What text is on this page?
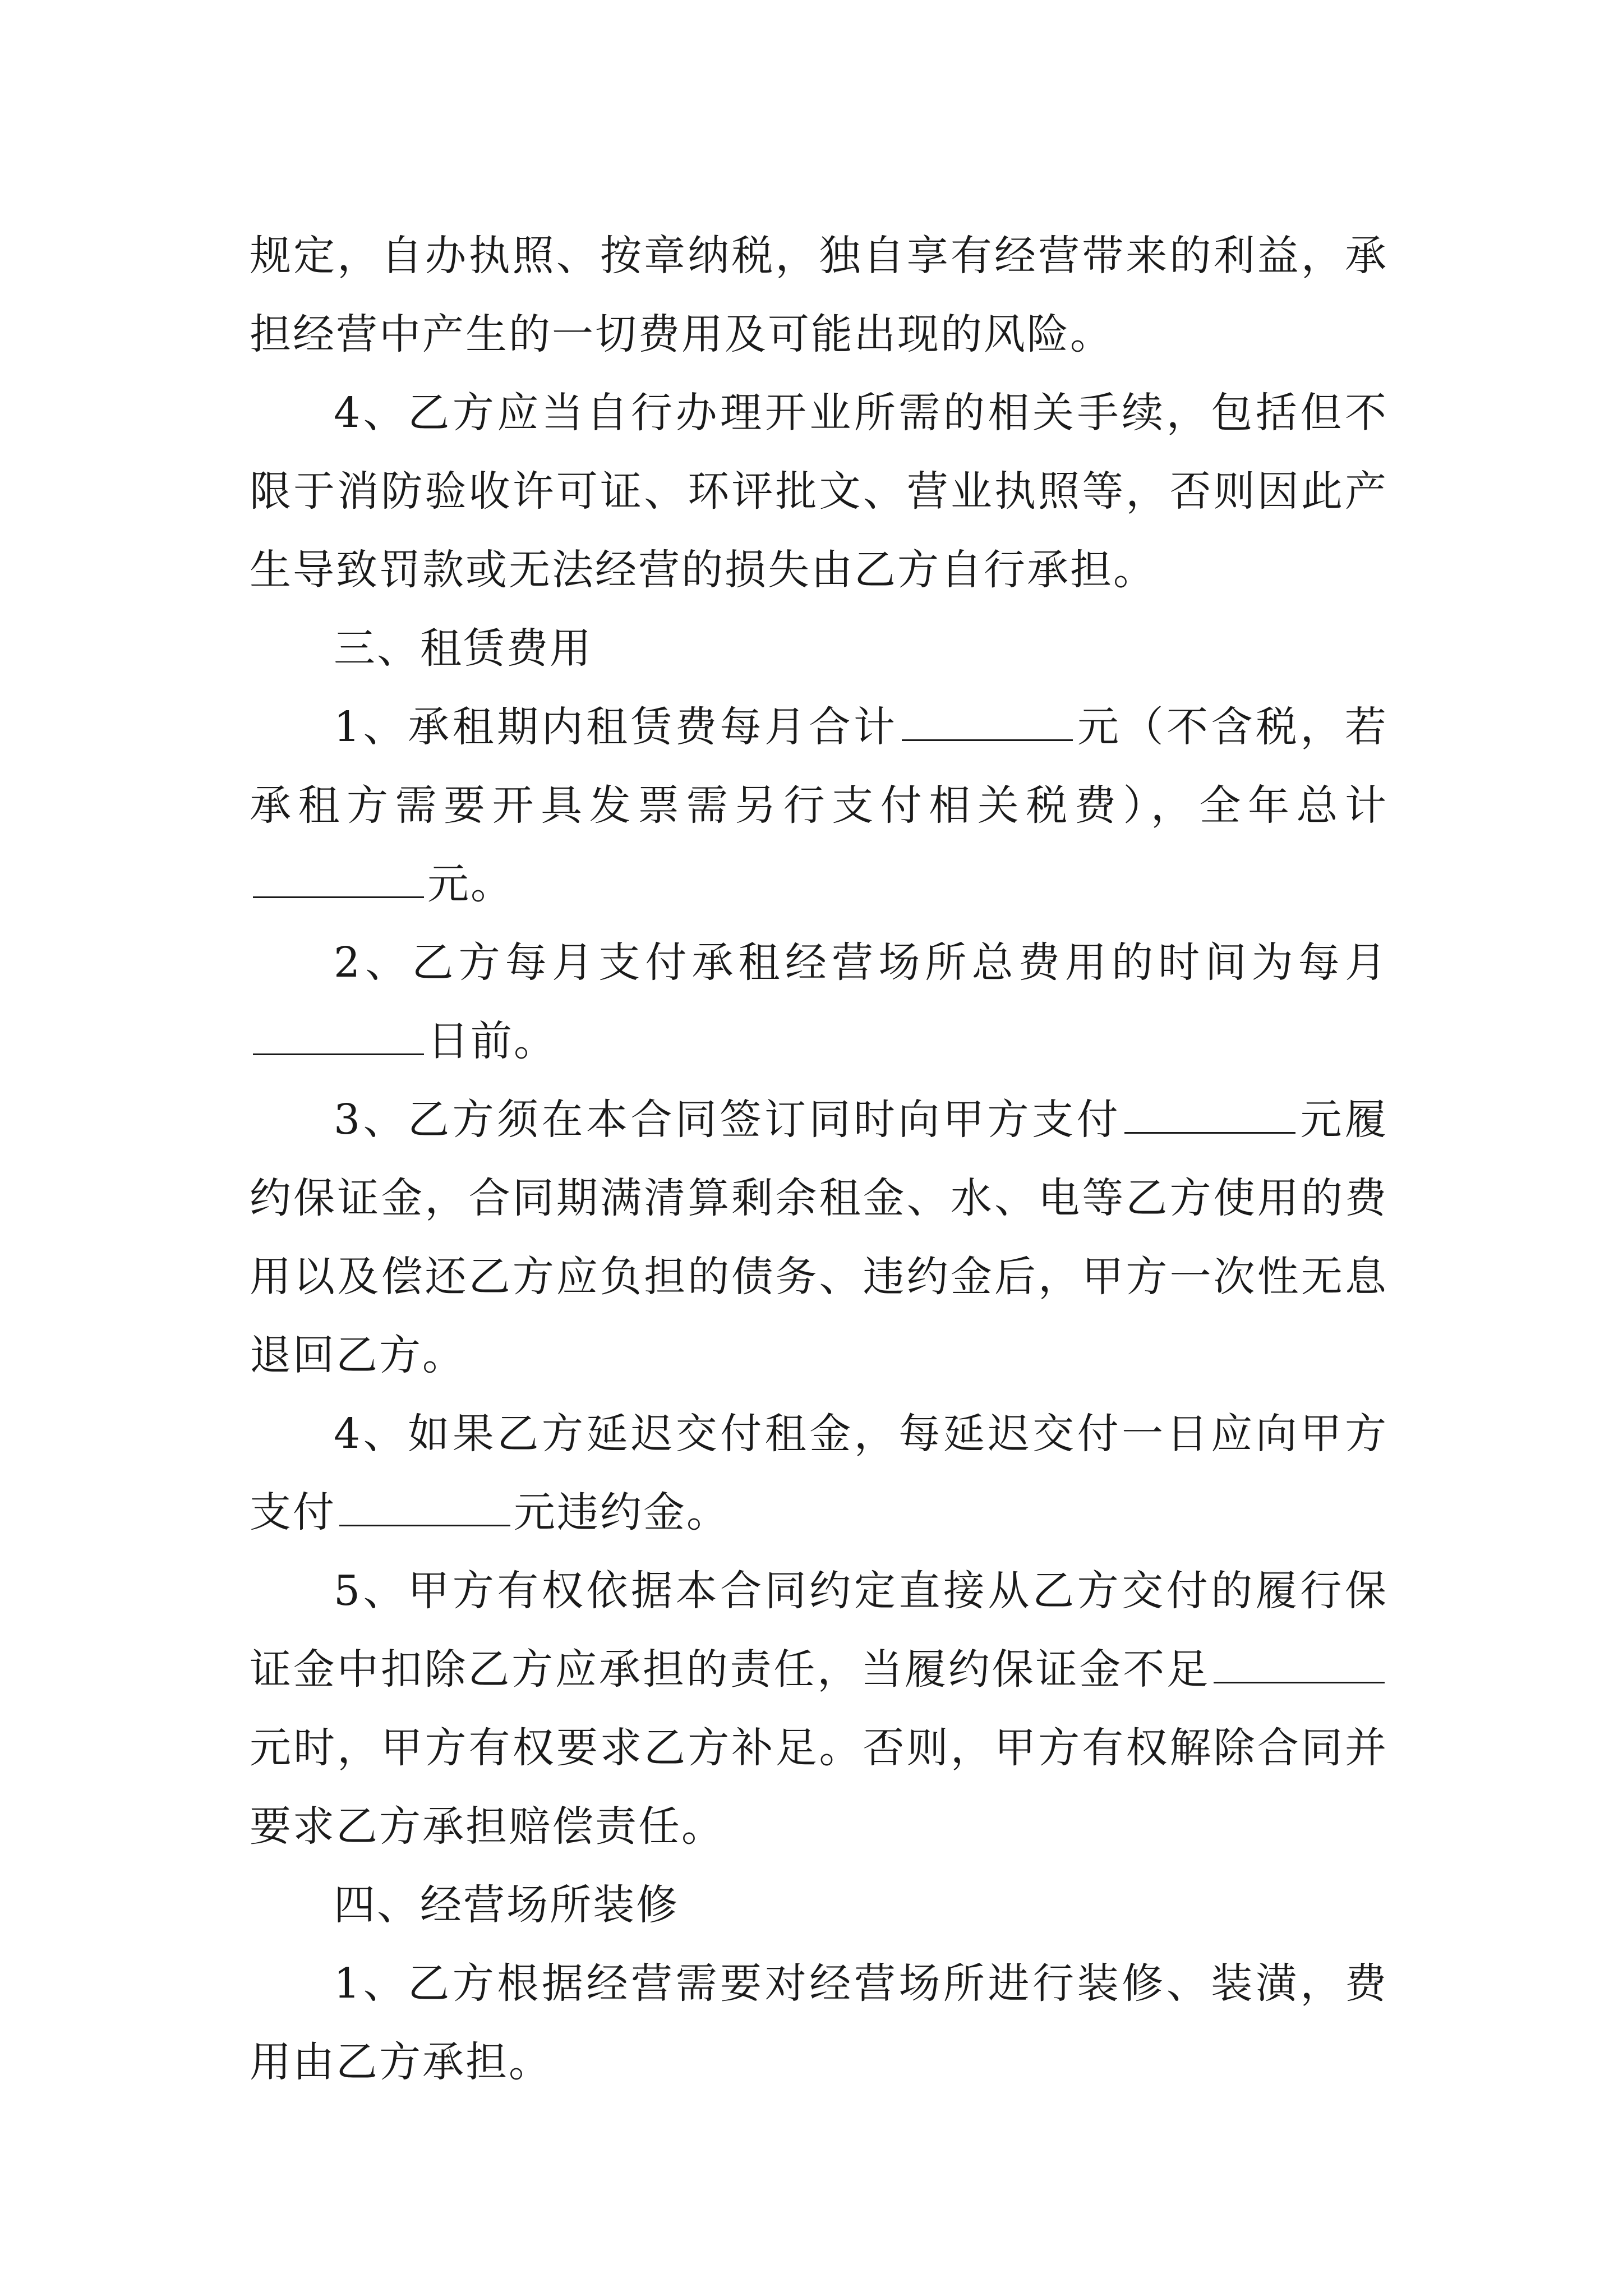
规定，自办执照、按章纳税，独自享有经营带来的利益，承担经营中产生的一切费用及可能出现的风险。

4、乙方应当自行办理开业所需的相关手续，包括但不限于消防验收许可证、环评批文、营业执照等，否则因此产生导致罚款或无法经营的损失由乙方自行承担。

三、租赁费用

1、承租期内租赁费每月合计	元（不含税，若承租方需要开具发票需另行支付相关税费），全年总计元。

2、乙方每月支付承租经营场所总费用的时间为每月日前。

3、乙方须在本合同签订同时向甲方支付	元履约保证金，合同期满清算剩余租金、水、电等乙方使用的费用以及偿还乙方应负担的债务、违约金后，甲方一次性无息退回乙方。

4、如果乙方延迟交付租金，每延迟交付一日应向甲方支付	元违约金。

5、甲方有权依据本合同约定直接从乙方交付的履行保证金中扣除乙方应承担的责任，当履约保证金不足元时，甲方有权要求乙方补足。否则，甲方有权解除合同并要求乙方承担赔偿责任。

四、经营场所装修

1、乙方根据经营需要对经营场所进行装修、装潢，费用由乙方承担。
